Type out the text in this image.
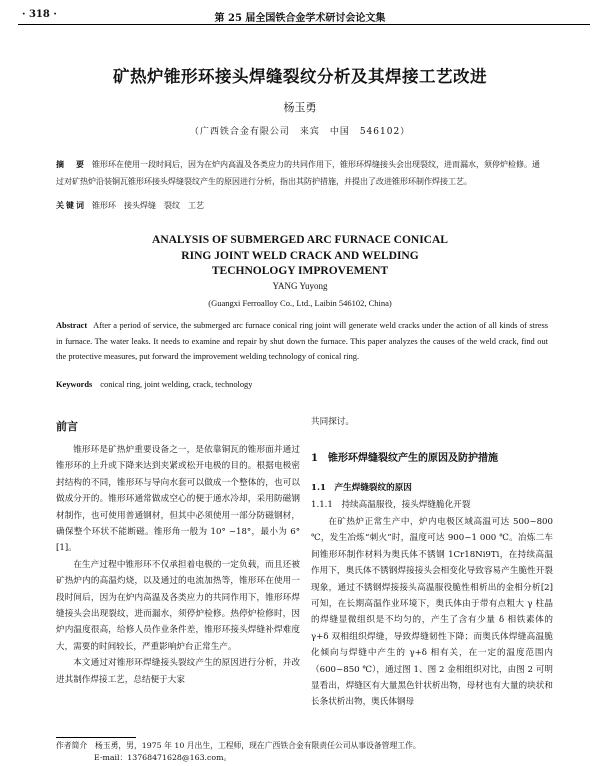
· 318 ·	第 25 届全国铁合金学术研讨会论文集
矿热炉锥形环接头焊缝裂纹分析及其焊接工艺改进
杨玉勇
（广西铁合金有限公司　来宾　中国　546102）
摘　要 锥形环在使用一段时间后，因为在炉内高温及各类应力的共同作用下，锥形环焊缝接头会出现裂纹，进而漏水，须停炉检修。通过对矿热炉沿装铜瓦锥形环接头焊缝裂纹产生的原因进行分析，指出其防护措施，并提出了改进锥形环制作焊接工艺。
关键词 锥形环　接头焊缝　裂纹　工艺
ANALYSIS OF SUBMERGED ARC FURNACE CONICAL
RING JOINT WELD CRACK AND WELDING
TECHNOLOGY IMPROVEMENT
YANG Yuyong
(Guangxi Ferroalloy Co., Ltd., Laibin 546102, China)
Abstract After a period of service, the submerged arc furnace conical ring joint will generate weld cracks under the action of all kinds of stress in furnace. The water leaks. It needs to examine and repair by shut down the furnace. This paper analyzes the causes of the weld crack, find out the protective measures, put forward the improvement welding technology of conical ring.
Keywords conical ring, joint welding, crack, technology
前言

锥形环是矿热炉重要设备之一，是依靠铜瓦的锥形面并通过锥形环的上升或下降来达到夹紧或松开电极的目的。根据电极密封结构的不同，锥形环与导向水套可以做成一个整体的，也可以做成分开的。锥形环通常做成空心的便于通水冷却，采用防磁钢材制作，也可使用普通钢材，但其中必须使用一部分防磁钢材，确保整个环状不能断磁。锥形角一般为 10° ~18°，最小为 6° [1]。

在生产过程中锥形环不仅承担着电极的一定负载，而且还被矿热炉内的高温灼烧，以及通过的电流加热等，锥形环在使用一段时间后，因为在炉内高温及各类应力的共同作用下，锥形环焊缝接头会出现裂纹，进而漏水，须停炉检修。热停炉检修时，因炉内温度很高，给修人员作业条件差，锥形环接头焊缝补焊难度大，需要的时间较长，严重影响炉台正常生产。

本文通过对锥形环焊缝接头裂纹产生的原因进行分析，并改进其制作焊接工艺，总结便于大家

共同探讨。
1　锥形环焊缝裂纹产生的原因及防护措施
1.1　产生焊缝裂纹的原因
1.1.1　持续高温服役，接头焊缝脆化开裂

在矿热炉正常生产中，炉内电极区域高温可达 500~800 ℃，发生冶炼“刺火”时，温度可达 900~1 000 ℃。冶炼二车间锥形环制作材料为奥氏体不锈钢 1Cr18Ni9Ti，在持续高温作用下，奥氏体不锈钢焊接接头会相变化导致容易产生脆性开裂现象，通过不锈钢焊接接头高温服役脆性相析出的金相分析[2]可知，在长期高温作业环境下，奥氏体由于带有点粗大 γ 柱晶的焊缝显微组织是不均匀的，产生了含有少量 δ 相铁素体的 γ+δ 双相组织焊缝，导致焊缝韧性下降；而奥氏体焊缝高温脆化倾向与焊缝中产生的 γ+δ 相有关，在一定的温度范围内（600~850 ℃），通过图 1、图 2 金相组织对比，由图 2 可明显看出，焊缝区有大量黑色针状析出物，母材也有大量的块状和长条状析出物，奥氏体钢母

作者简介　杨玉勇，男，1975 年 10 月出生，工程师，现在广西铁合金有限责任公司从事设备管理工作。
E-mail：13768471628@163.com。
